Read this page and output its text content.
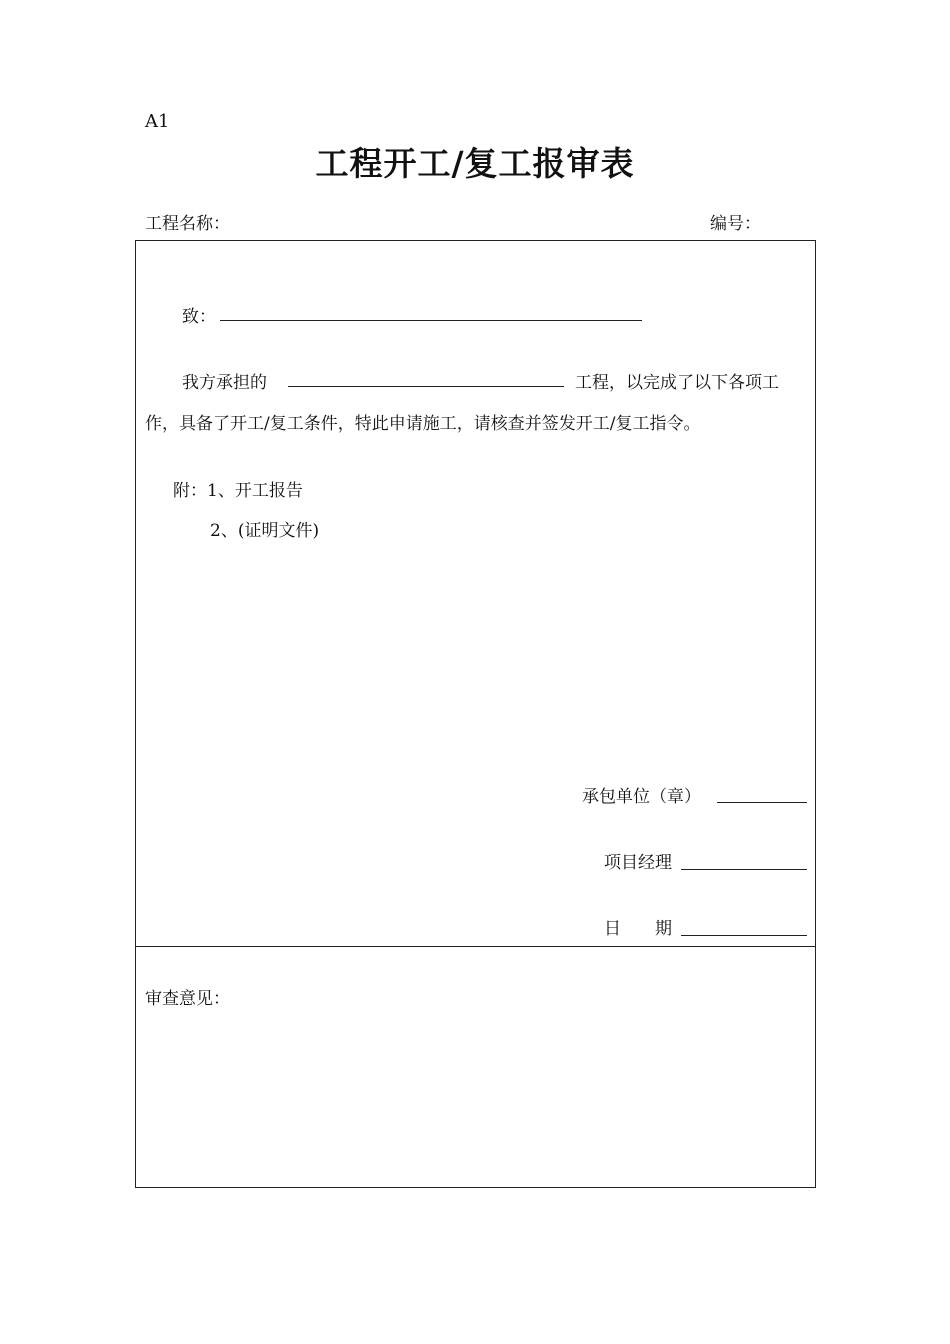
A1
工程开工/复工报审表
工程名称：	编号：
致：
我方承担的	工程，以完成了以下各项工
作，具备了开工/复工条件，特此申请施工，请核查并签发开工/复工指令。
附：1、开工报告
2、(证明文件)
承包单位（章）
项目经理
日　　期
审查意见：
